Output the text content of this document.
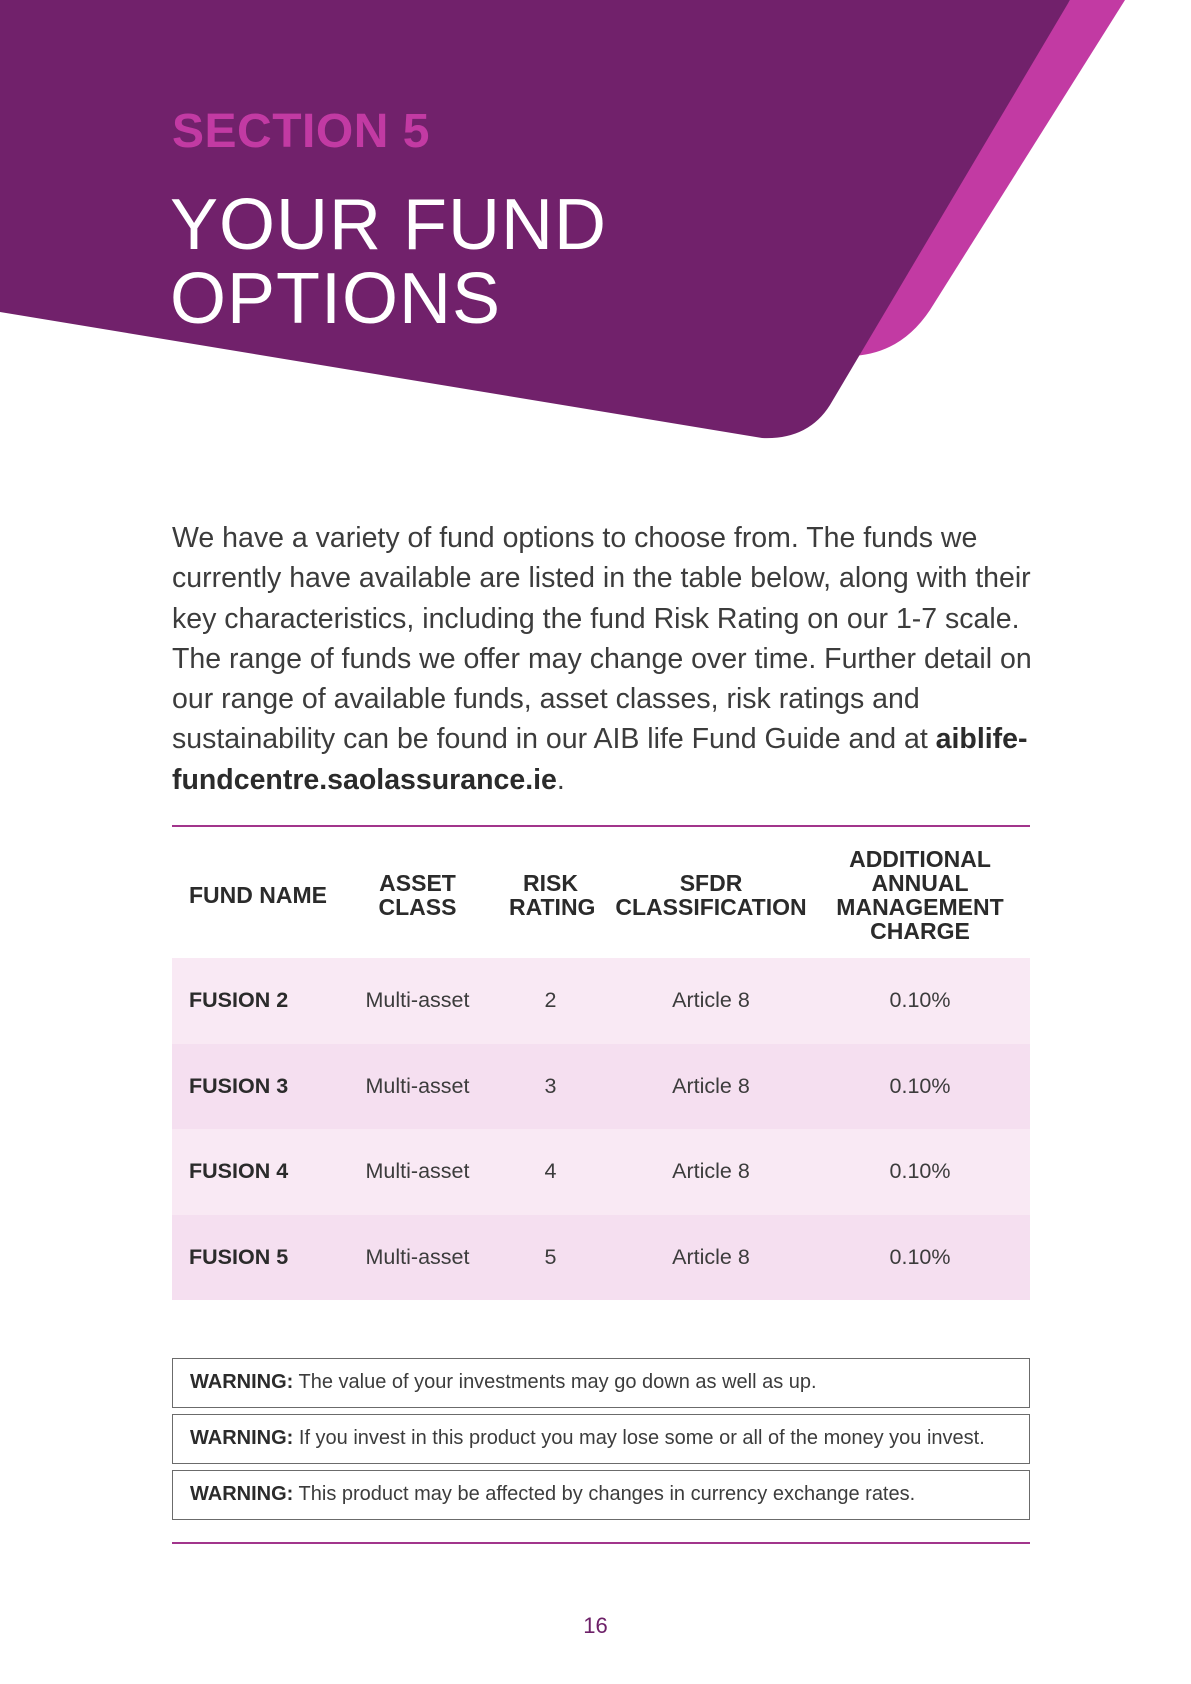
SECTION 5
YOUR FUND
OPTIONS

We have a variety of fund options to choose from. The funds we currently have available are listed in the table below, along with their key characteristics, including the fund Risk Rating on our 1-7 scale. The range of funds we offer may change over time. Further detail on our range of available funds, asset classes, risk ratings and sustainability can be found in our AIB life Fund Guide and at aiblife-fundcentre.saolassurance.ie.

FUND NAME	ASSET CLASS	RISK RATING	SFDR CLASSIFICATION	ADDITIONAL ANNUAL MANAGEMENT CHARGE
FUSION 2	Multi-asset	2	Article 8	0.10%
FUSION 3	Multi-asset	3	Article 8	0.10%
FUSION 4	Multi-asset	4	Article 8	0.10%
FUSION 5	Multi-asset	5	Article 8	0.10%
WARNING: The value of your investments may go down as well as up.
WARNING: If you invest in this product you may lose some or all of the money you invest.
WARNING: This product may be affected by changes in currency exchange rates.
16
